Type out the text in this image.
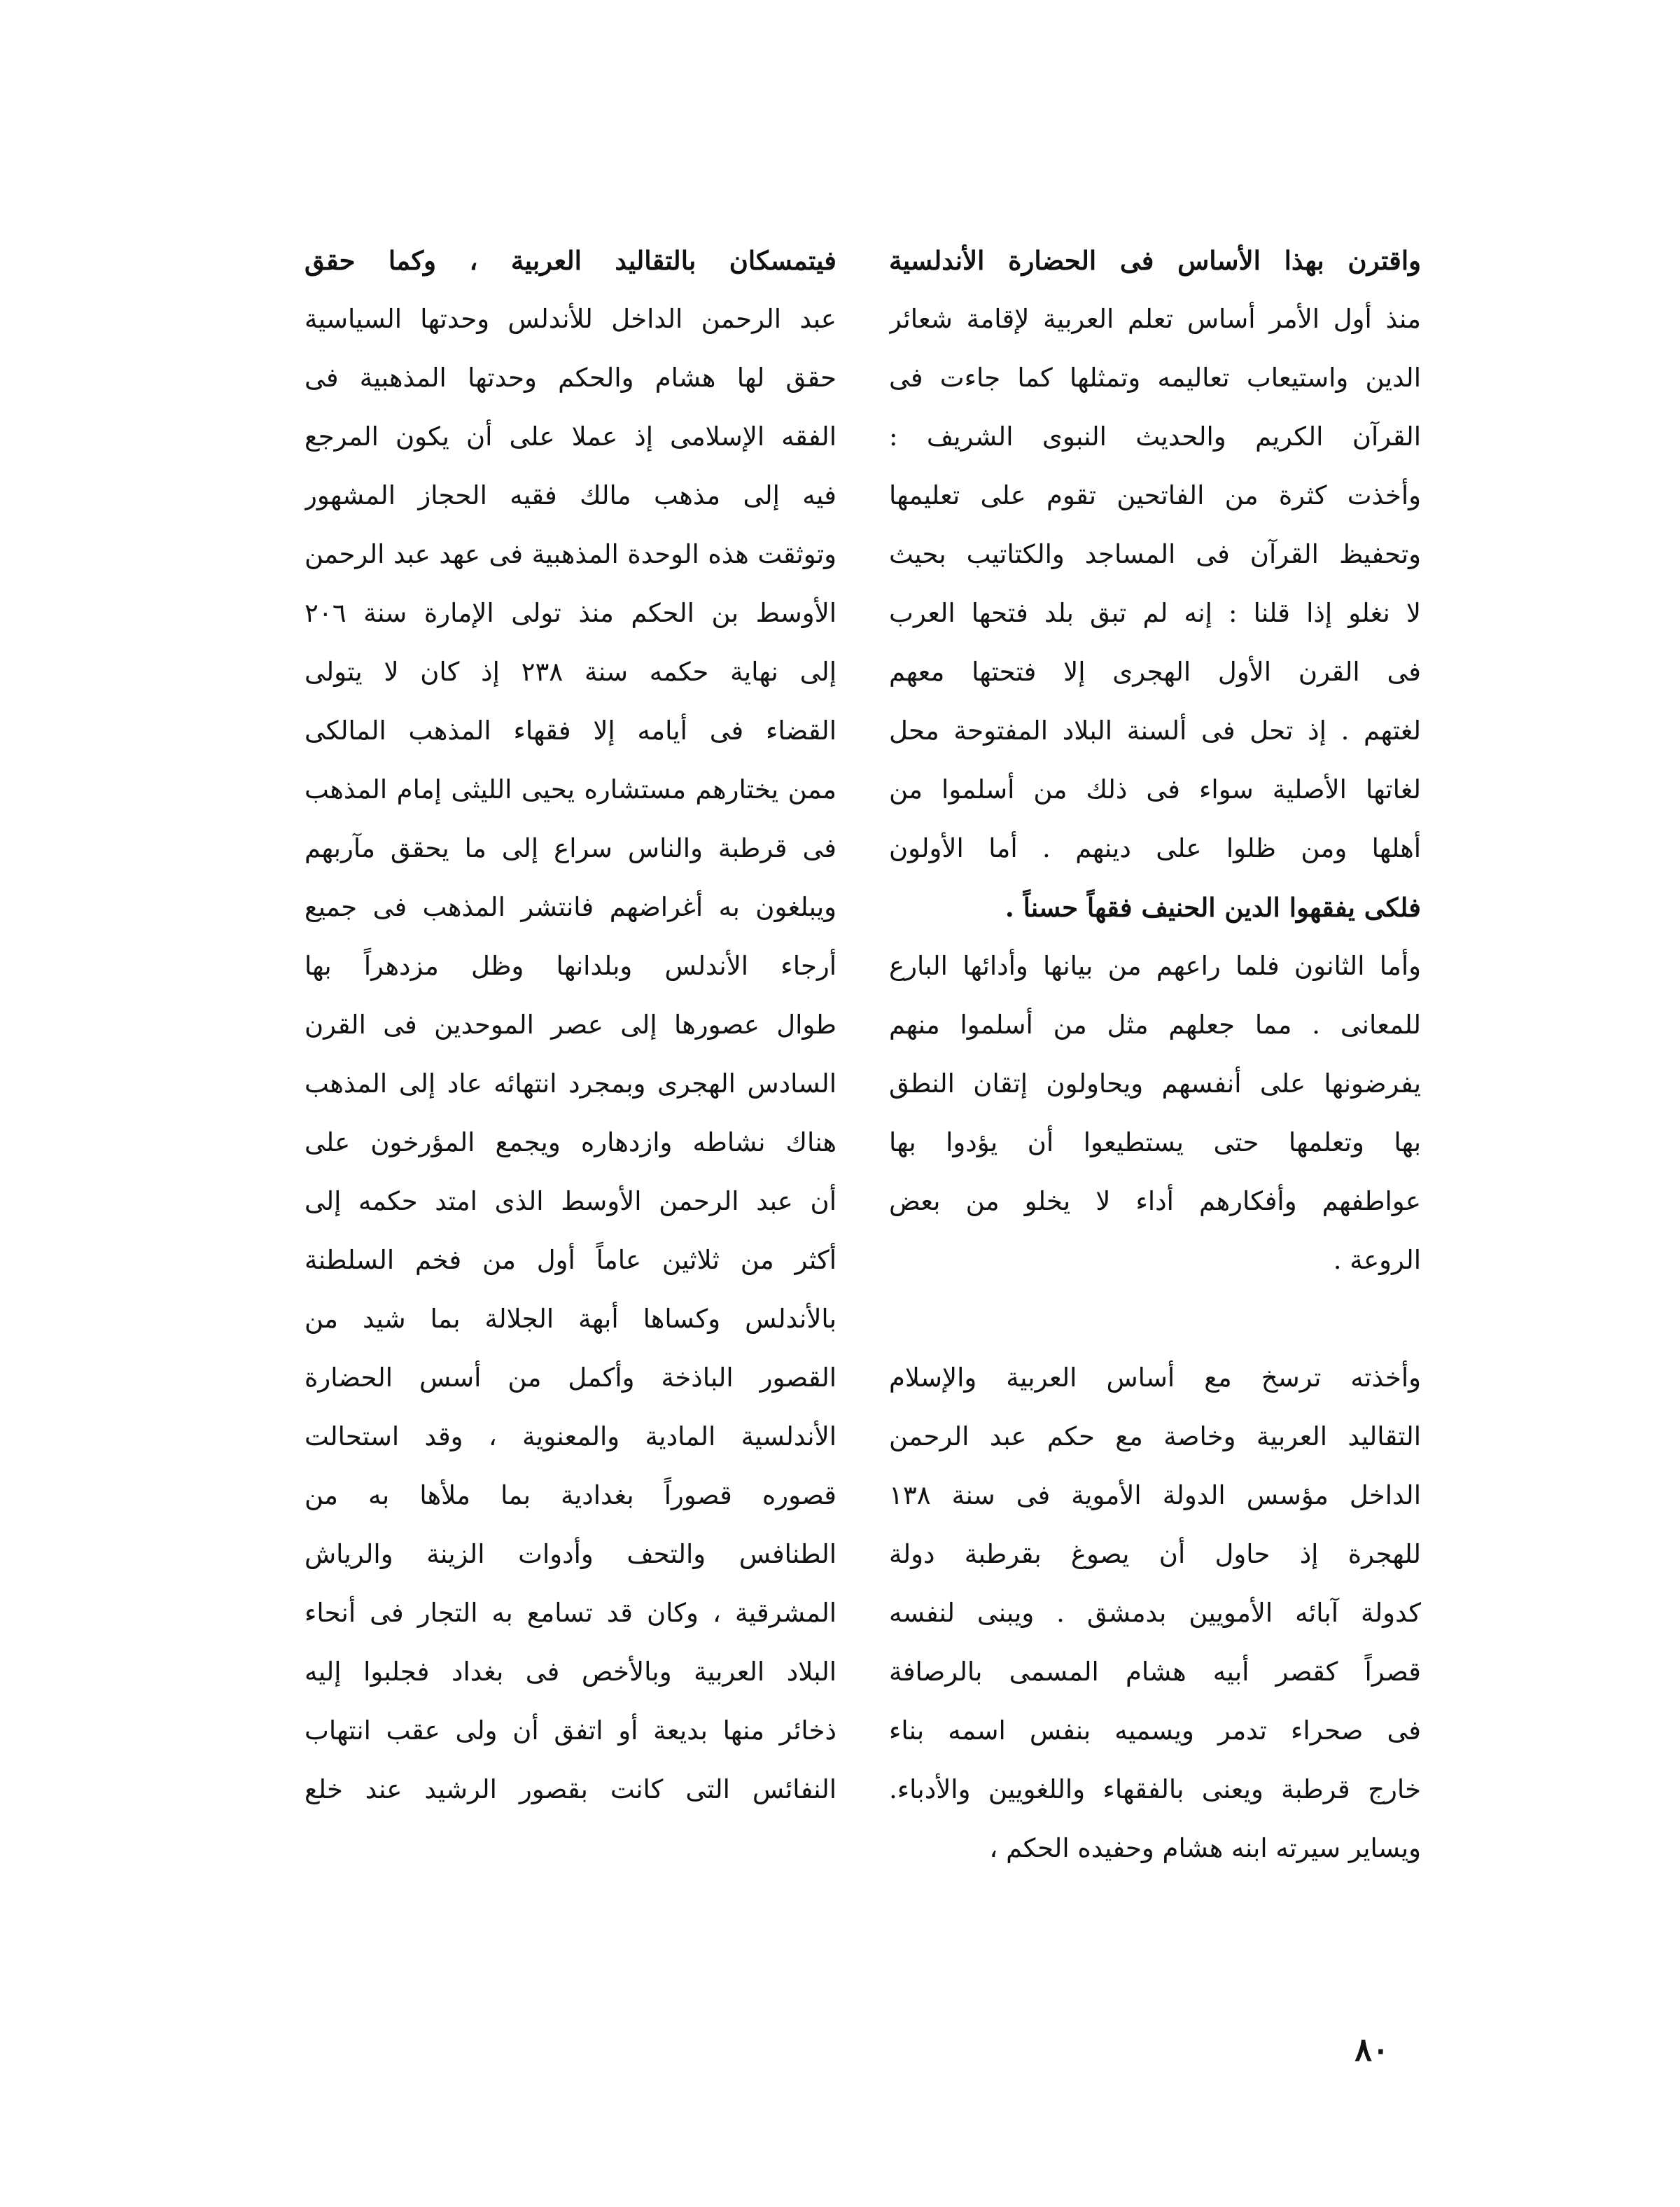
واقترن بهذا الأساس فى الحضارة الأندلسية
منذ أول الأمر أساس تعلم العربية لإقامة شعائر
الدين واستيعاب تعاليمه وتمثلها كما جاءت فى
القرآن الكريم والحديث النبوى الشريف :
وأخذت كثرة من الفاتحين تقوم على تعليمها
وتحفيظ القرآن فى المساجد والكتاتيب بحيث
لا نغلو إذا قلنا : إنه لم تبق بلد فتحها العرب
فى القرن الأول الهجرى إلا فتحتها معهم
لغتهم . إذ تحل فى ألسنة البلاد المفتوحة محل
لغاتها الأصلية سواء فى ذلك من أسلموا من
أهلها ومن ظلوا على دينهم . أما الأولون
فلكى يفقهوا الدين الحنيف فقهاً حسناً .
وأما الثانون فلما راعهم من بيانها وأدائها البارع
للمعانى . مما جعلهم مثل من أسلموا منهم
يفرضونها على أنفسهم ويحاولون إتقان النطق
بها وتعلمها حتى يستطيعوا أن يؤدوا بها
عواطفهم وأفكارهم أداء لا يخلو من بعض
الروعة .
وأخذته ترسخ مع أساس العربية والإسلام
التقاليد العربية وخاصة مع حكم عبد الرحمن
الداخل مؤسس الدولة الأموية فى سنة ١٣٨
للهجرة إذ حاول أن يصوغ بقرطبة دولة
كدولة آبائه الأمويين بدمشق . ويبنى لنفسه
قصراً كقصر أبيه هشام المسمى بالرصافة
فى صحراء تدمر ويسميه بنفس اسمه بناء
خارج قرطبة ويعنى بالفقهاء واللغويين والأدباء.
ويساير سيرته ابنه هشام وحفيده الحكم ،
فيتمسكان بالتقاليد العربية ، وكما حقق
عبد الرحمن الداخل للأندلس وحدتها السياسية
حقق لها هشام والحكم وحدتها المذهبية فى
الفقه الإسلامى إذ عملا على أن يكون المرجع
فيه إلى مذهب مالك فقيه الحجاز المشهور
وتوثقت هذه الوحدة المذهبية فى عهد عبد الرحمن
الأوسط بن الحكم منذ تولى الإمارة سنة ٢٠٦
إلى نهاية حكمه سنة ٢٣٨ إذ كان لا يتولى
القضاء فى أيامه إلا فقهاء المذهب المالكى
ممن يختارهم مستشاره يحيى الليثى إمام المذهب
فى قرطبة والناس سراع إلى ما يحقق مآربهم
ويبلغون به أغراضهم فانتشر المذهب فى جميع
أرجاء الأندلس وبلدانها وظل مزدهراً بها
طوال عصورها إلى عصر الموحدين فى القرن
السادس الهجرى وبمجرد انتهائه عاد إلى المذهب
هناك نشاطه وازدهاره ويجمع المؤرخون على
أن عبد الرحمن الأوسط الذى امتد حكمه إلى
أكثر من ثلاثين عاماً أول من فخم السلطنة
بالأندلس وكساها أبهة الجلالة بما شيد من
القصور الباذخة وأكمل من أسس الحضارة
الأندلسية المادية والمعنوية ، وقد استحالت
قصوره قصوراً بغدادية بما ملأها به من
الطنافس والتحف وأدوات الزينة والرياش
المشرقية ، وكان قد تسامع به التجار فى أنحاء
البلاد العربية وبالأخص فى بغداد فجلبوا إليه
ذخائر منها بديعة أو اتفق أن ولى عقب انتهاب
النفائس التى كانت بقصور الرشيد عند خلع
٨٠
